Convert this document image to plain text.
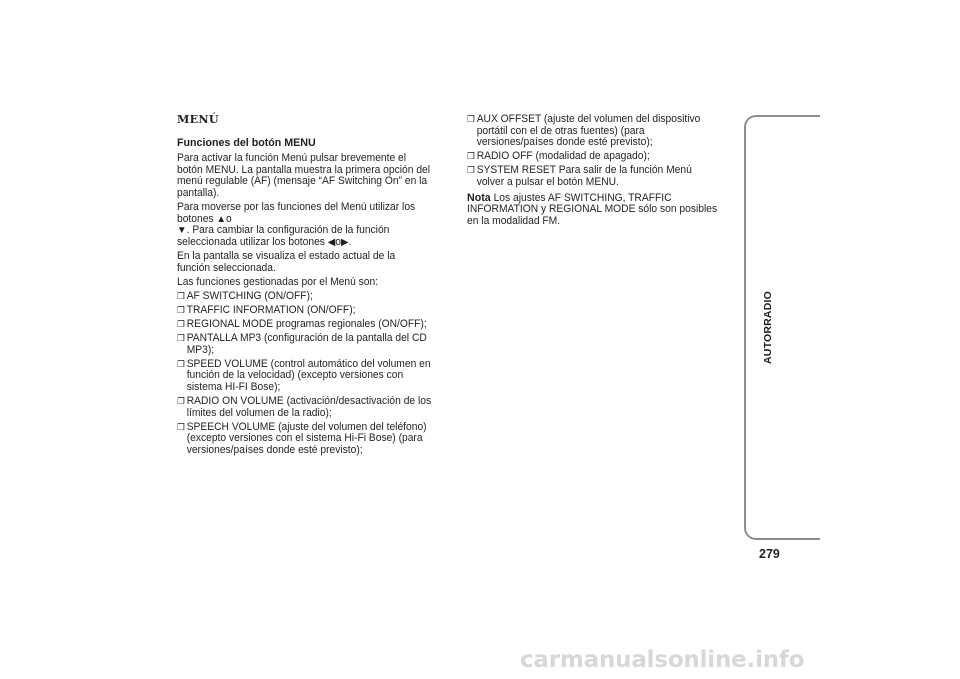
MENÚ
Funciones del botón MENU
Para activar la función Menú pulsar brevemente el botón MENU. La pantalla muestra la primera opción del menú regulable (AF) (mensaje “AF Switching On” en la pantalla).
Para moverse por las funciones del Menú utilizar los botones ▲o
▼. Para cambiar la configuración de la función seleccionada utilizar los botones ◀o▶.
En la pantalla se visualiza el estado actual de la función seleccionada.
Las funciones gestionadas por el Menú son:
❒ AF SWITCHING (ON/OFF);
❒ TRAFFIC INFORMATION (ON/OFF);
❒ REGIONAL MODE programas regionales (ON/OFF);
❒ PANTALLA MP3 (configuración de la pantalla del CD MP3);
❒ SPEED VOLUME (control automático del volumen en función de la velocidad) (excepto versiones con sistema HI-FI Bose);
❒ RADIO ON VOLUME (activación/desactivación de los límites del volumen de la radio);
❒ SPEECH VOLUME (ajuste del volumen del teléfono) (excepto versiones con el sistema Hi-Fi Bose) (para versiones/países donde esté previsto);
❒ AUX OFFSET (ajuste del volumen del dispositivo portátil con el de otras fuentes) (para versiones/países donde esté previsto);
❒ RADIO OFF (modalidad de apagado);
❒ SYSTEM RESET Para salir de la función Menú volver a pulsar el botón MENU.
Nota Los ajustes AF SWITCHING, TRAFFIC INFORMATION y REGIONAL MODE sólo son posibles en la modalidad FM.
AUTORRADIO
279
carmanualsonline.info
